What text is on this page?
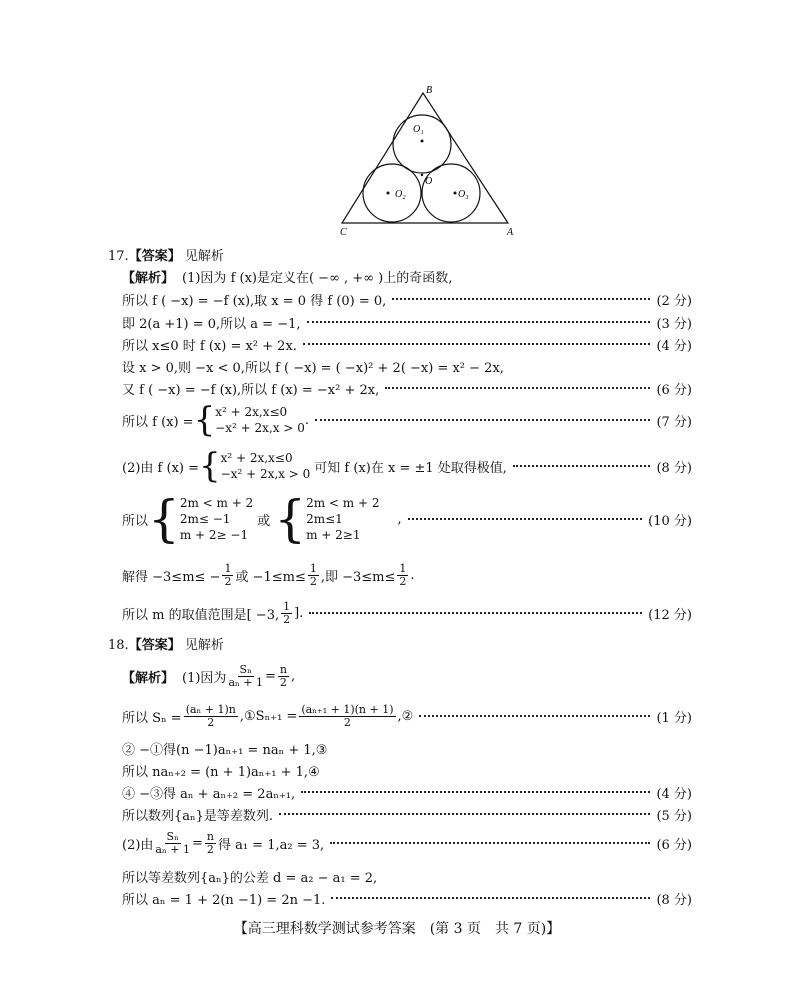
B
C	A
O
O₁
O₂	O₃
17.【答案】 见解析
【解析】 (1)因为 f (x)是定义在( −∞ , +∞ )上的奇函数,
所以 f ( −x) = −f (x),取 x = 0 得 f (0) = 0,	(2 分)
即 2(a +1) = 0,所以 a = −1,	(3 分)
所以 x≤0 时 f (x) = x² + 2x.	(4 分)
设 x > 0,则 −x < 0,所以 f ( −x) = ( −x)² + 2( −x) = x² − 2x,
又 f ( −x) = −f (x),所以 f (x) = −x² + 2x,	(6 分)
所以 f (x) = { x² + 2x,x≤0
−x² + 2x,x > 0
.	(7 分)
(2)由 f (x) = { x² + 2x,x≤0
−x² + 2x,x > 0 可知 f (x)在 x = ±1 处取得极值,	(8 分)
所以 { 2m < m + 2
2m≤ −1
m + 2≥ −1
或 { 2m < m + 2
2m≤1
m + 2≥1
,	(10 分)
解得 $-3\le m\le - \frac{1}{2}$ 或 $-1\le m\le \frac{1}{2}$ ,即 $-3\le m\le \frac{1}{2}$ .
所以 m 的取值范围是[ −3, $\frac{1}{2}$ ].	(12 分)
18.【答案】 见解析
【解析】 (1)因为 $\frac{\text{Sₙ}}{\text{aₙ + 1}} = \frac{n}{2}$ ,
所以 $S_n = \frac{\text{(aₙ + 1)n}}{2}$ ,①Sₙ₊₁ = $\frac{\text{(aₙ₊₁ + 1)(n + 1)}}{2}$ ,②	(1 分)
② −①得(n −1)aₙ₊₁ = naₙ + 1,③
所以 naₙ₊₂ = (n + 1)aₙ₊₁ + 1,④
④ −③得 aₙ + aₙ₊₂ = 2aₙ₊₁,	(4 分)
所以数列{aₙ}是等差数列.	(5 分)
(2)由 $\frac{\text{Sₙ}}{\text{aₙ + 1}} = \frac{n}{2}$ 得 a₁ = 1,a₂ = 3,	(6 分)
所以等差数列{aₙ}的公差 d = a₂ − a₁ = 2,
所以 aₙ = 1 + 2(n −1) = 2n −1.	(8 分)
【高三理科数学测试参考答案　(第 3 页　共 7 页)】
